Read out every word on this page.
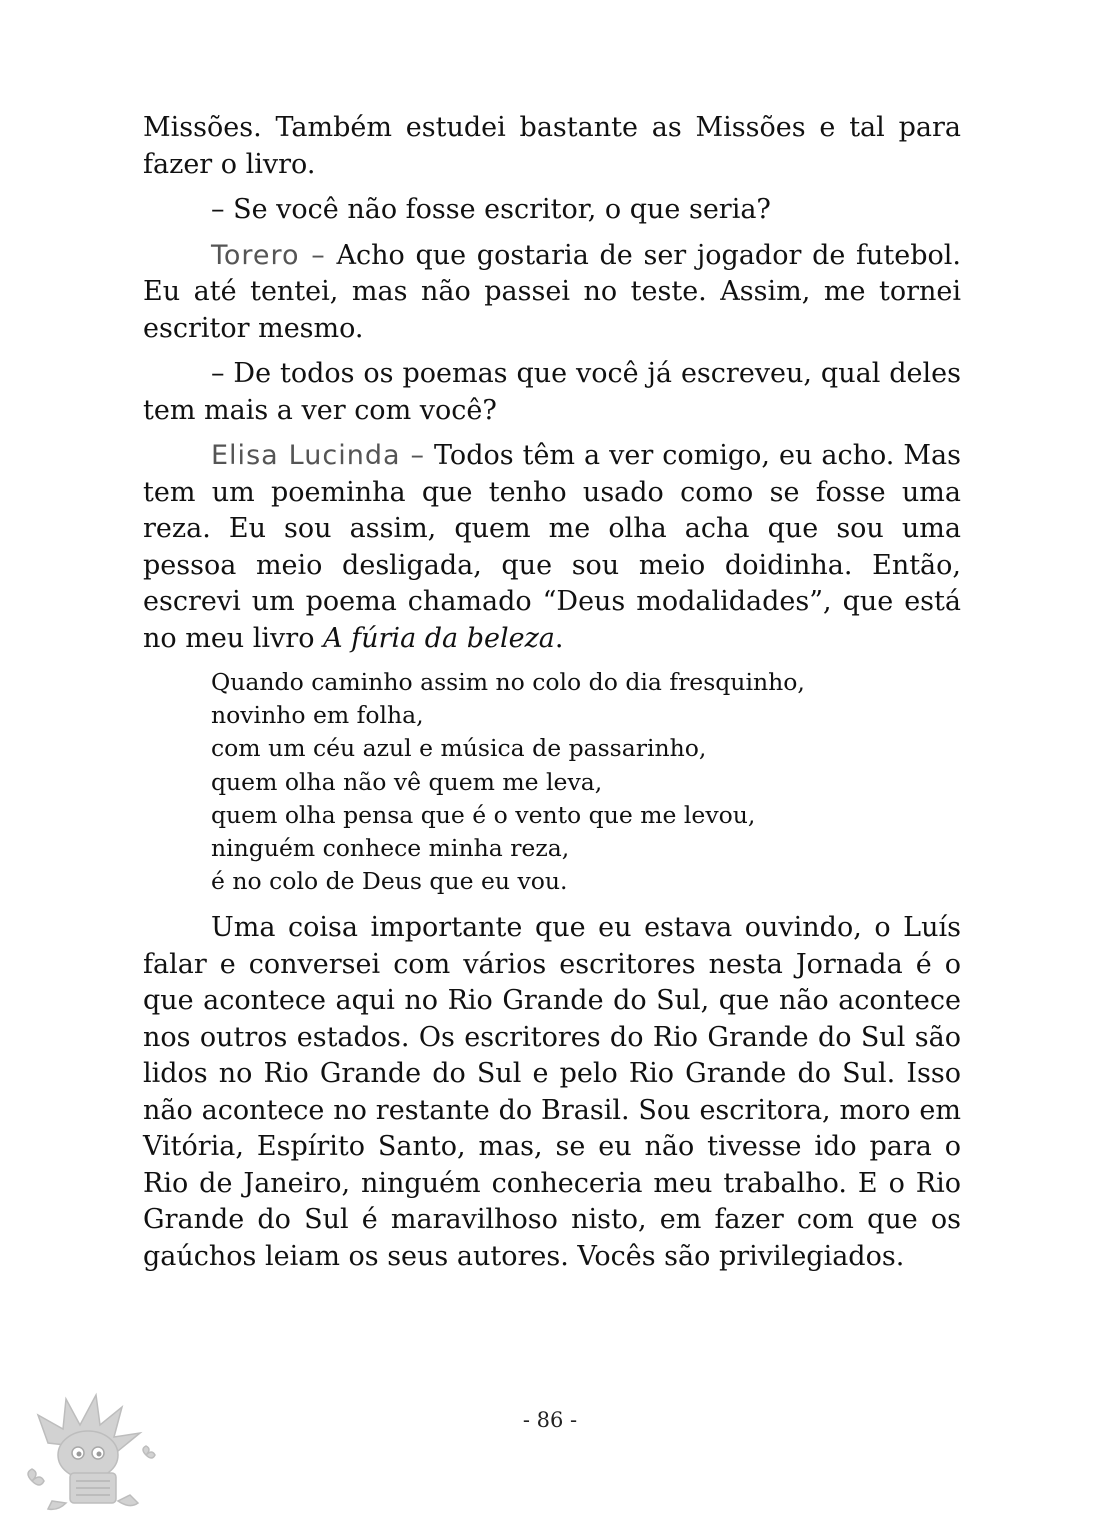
Missões. Também estudei bastante as Missões e tal para fazer o livro.

– Se você não fosse escritor, o que seria?

Torero – Acho que gostaria de ser jogador de futebol. Eu até tentei, mas não passei no teste. Assim, me tornei escritor mesmo.

– De todos os poemas que você já escreveu, qual deles tem mais a ver com você?

Elisa Lucinda – Todos têm a ver comigo, eu acho. Mas tem um poeminha que tenho usado como se fosse uma reza. Eu sou assim, quem me olha acha que sou uma pessoa meio desligada, que sou meio doidinha. Então, escrevi um poema chamado “Deus modalidades”, que está no meu livro A fúria da beleza.

Quando caminho assim no colo do dia fresquinho,
novinho em folha,
com um céu azul e música de passarinho,
quem olha não vê quem me leva,
quem olha pensa que é o vento que me levou,
ninguém conhece minha reza,
é no colo de Deus que eu vou.

Uma coisa importante que eu estava ouvindo, o Luís falar e conversei com vários escritores nesta Jornada é o que acontece aqui no Rio Grande do Sul, que não acontece nos outros estados. Os escritores do Rio Grande do Sul são lidos no Rio Grande do Sul e pelo Rio Grande do Sul. Isso não acontece no restante do Brasil. Sou escritora, moro em Vitória, Espírito Santo, mas, se eu não tivesse ido para o Rio de Janeiro, ninguém conheceria meu trabalho. E o Rio Grande do Sul é maravilhoso nisto, em fazer com que os gaúchos leiam os seus autores. Vocês são privilegiados.

- 86 -
